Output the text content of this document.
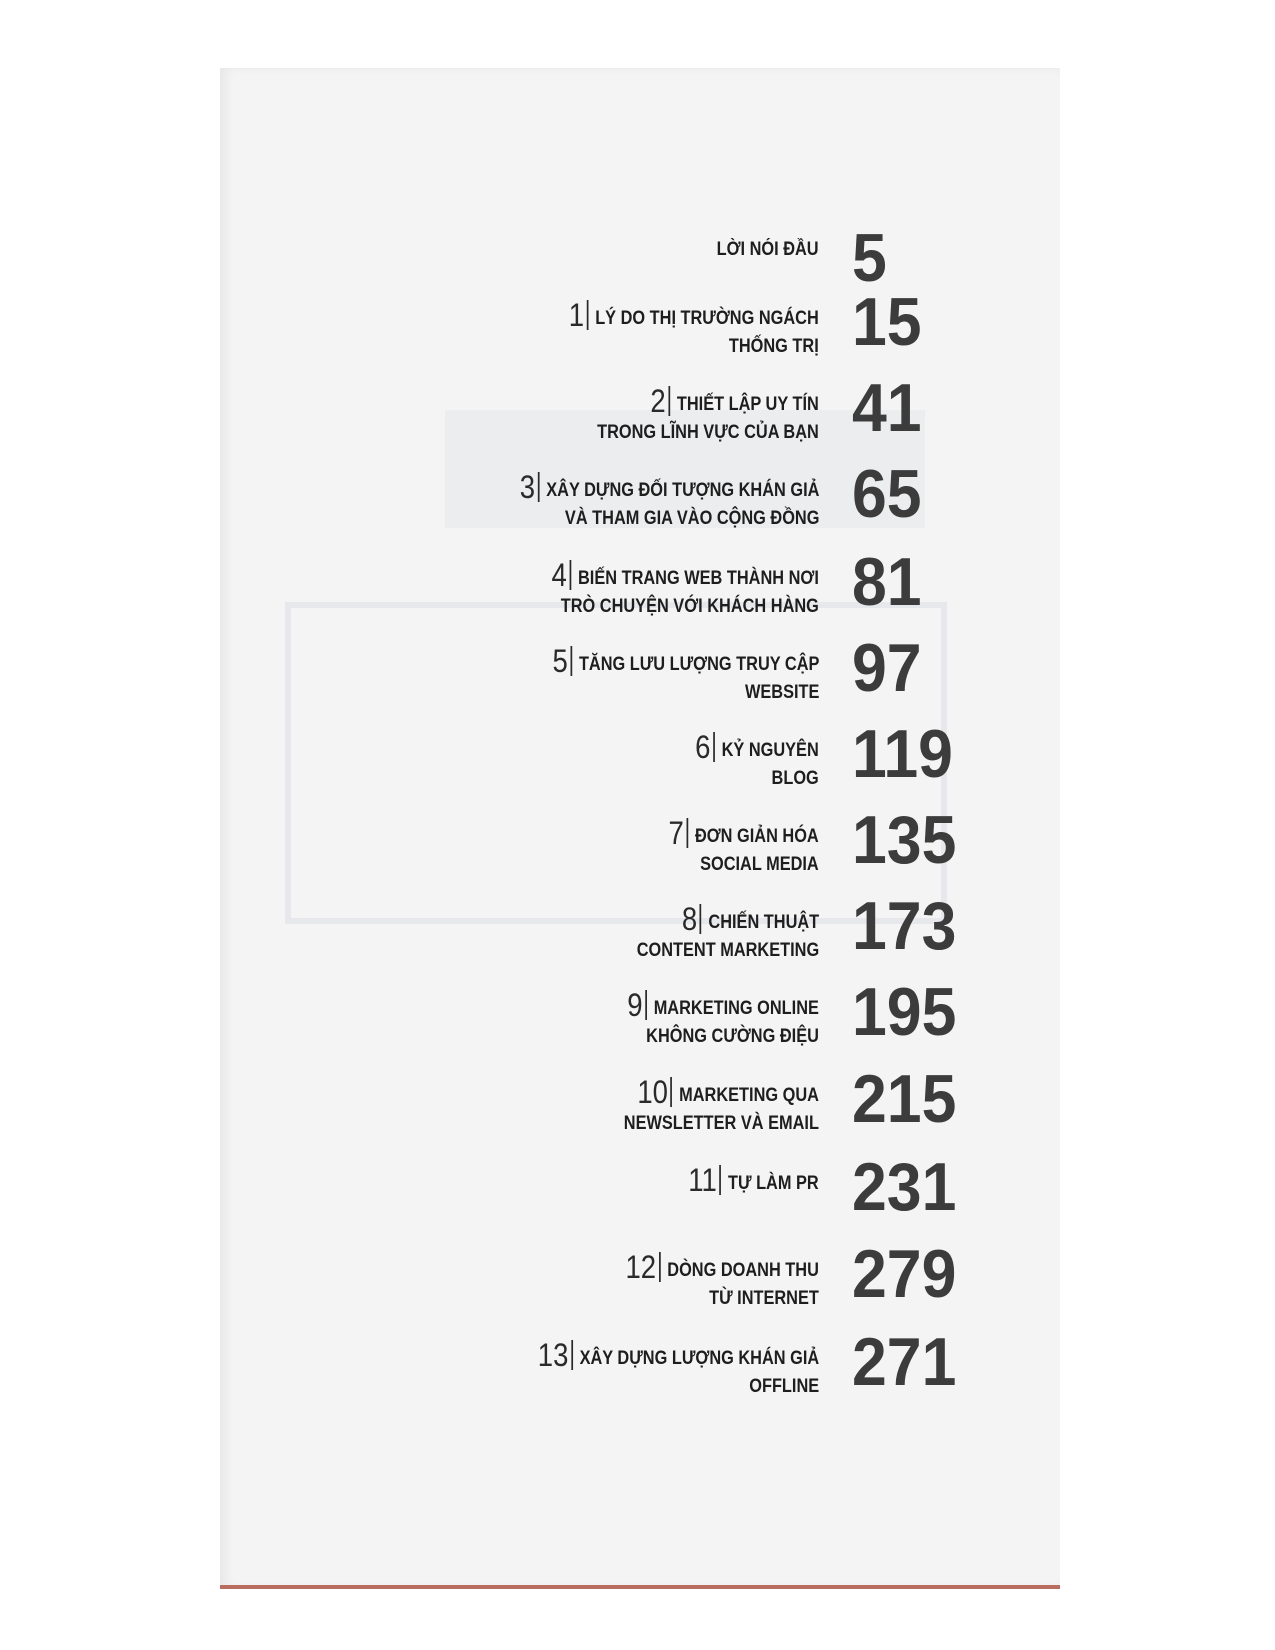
LỜI NÓI ĐẦU 5
1 LÝ DO THỊ TRƯỜNG NGÁCH
THỐNG TRỊ 15
2 THIẾT LẬP UY TÍN
TRONG LĨNH VỰC CỦA BẠN 41
3 XÂY DỰNG ĐỐI TƯỢNG KHÁN GIẢ
VÀ THAM GIA VÀO CỘNG ĐỒNG 65
4 BIẾN TRANG WEB THÀNH NƠI
TRÒ CHUYỆN VỚI KHÁCH HÀNG 81
5 TĂNG LƯU LƯỢNG TRUY CẬP
WEBSITE 97
6 KỶ NGUYÊN
BLOG 119
7 ĐƠN GIẢN HÓA
SOCIAL MEDIA 135
8 CHIẾN THUẬT
CONTENT MARKETING 173
9 MARKETING ONLINE
KHÔNG CƯỜNG ĐIỆU 195
10 MARKETING QUA
NEWSLETTER VÀ EMAIL 215
11 TỰ LÀM PR 231
12 DÒNG DOANH THU
TỪ INTERNET 279
13 XÂY DỰNG LƯỢNG KHÁN GIẢ
OFFLINE 271
